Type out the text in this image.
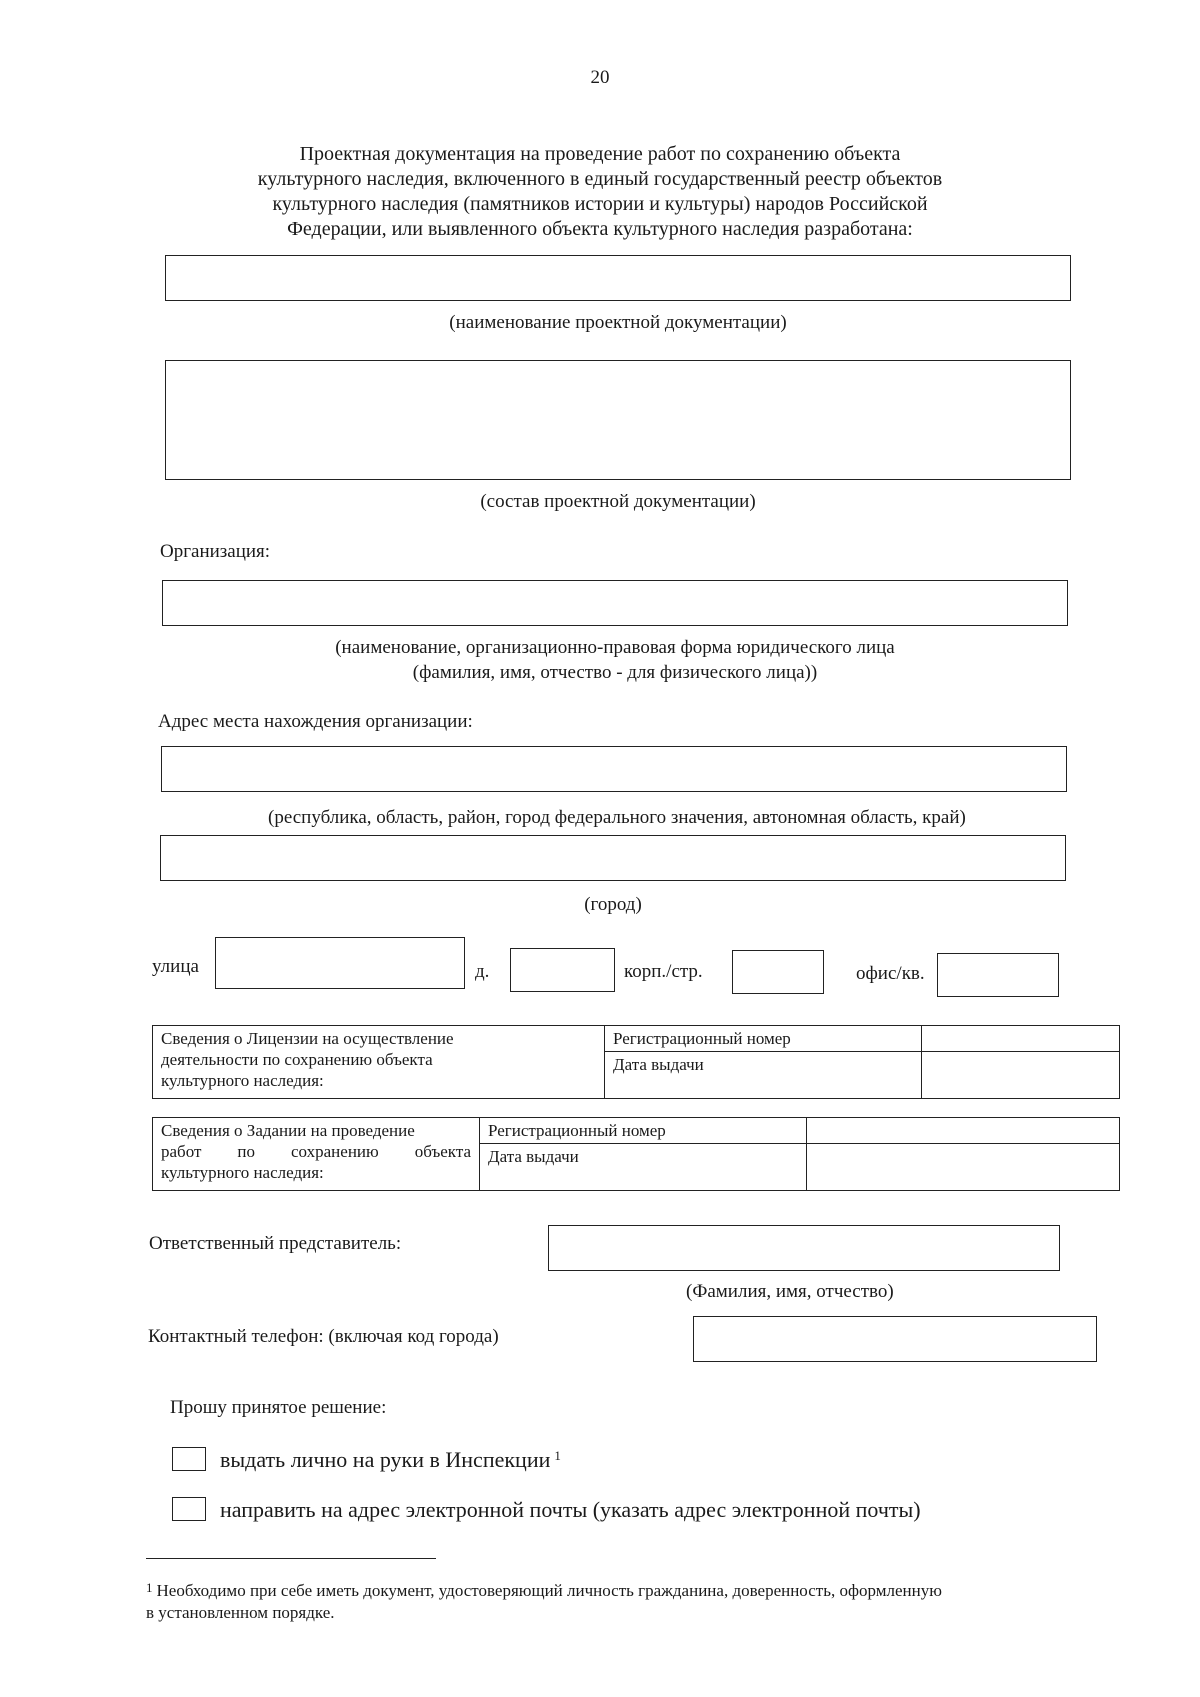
20
Проектная документация на проведение работ по сохранению объекта
культурного наследия, включенного в единый государственный реестр объектов
культурного наследия (памятников истории и культуры) народов Российской
Федерации, или выявленного объекта культурного наследия разработана:
(наименование проектной документации)
(состав проектной документации)
Организация:
(наименование, организационно-правовая форма юридического лица
(фамилия, имя, отчество - для физического лица))
Адрес места нахождения организации:
(республика, область, район, город федерального значения, автономная область, край)
(город)
улица	д.	корп./стр.	офис/кв.
Сведения о Лицензии на осуществление
деятельности по сохранению объекта
культурного наследия:	Регистрационный номер	
	Дата выдачи	
Сведения о Задании на проведение
работ по сохранению объекта
культурного наследия:	Регистрационный номер	
	Дата выдачи	
Ответственный представитель:
(Фамилия, имя, отчество)
Контактный телефон: (включая код города)
Прошу принятое решение:
выдать лично на руки в Инспекции $^1$
направить на адрес электронной почты (указать адрес электронной почты)
$^1$ Необходимо при себе иметь документ, удостоверяющий личность гражданина, доверенность, оформленную
в установленном порядке.
